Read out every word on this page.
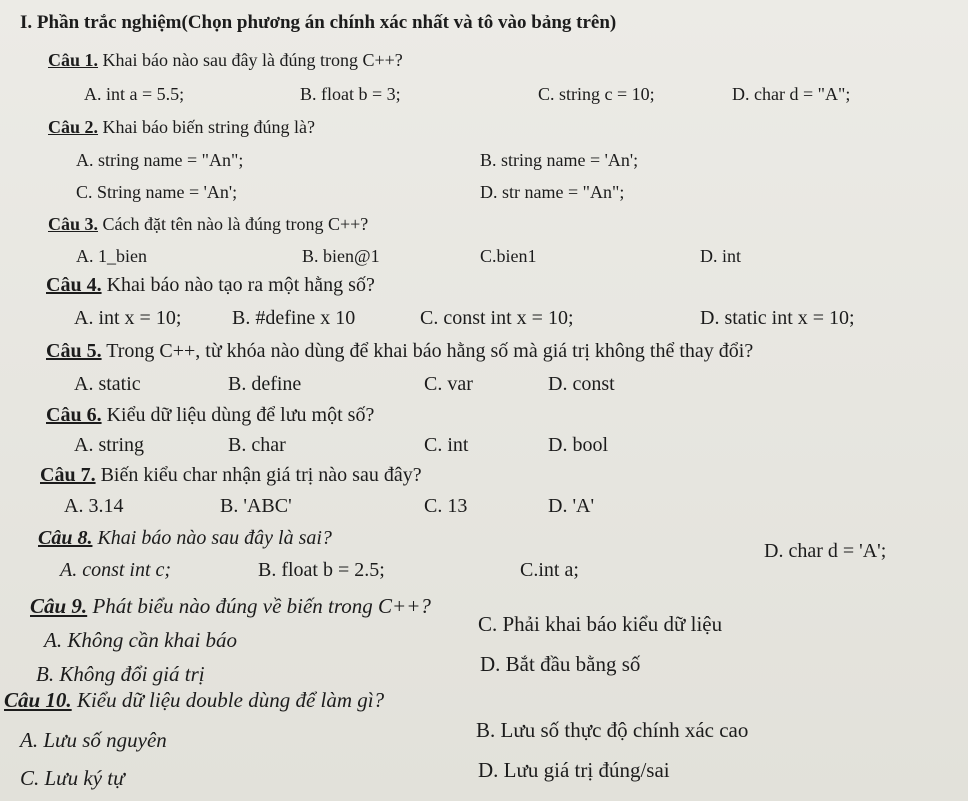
I. Phần trắc nghiệm(Chọn phương án chính xác nhất và tô vào bảng trên)
Câu 1. Khai báo nào sau đây là đúng trong C++?
A. int a = 5.5;	B. float b = 3;	C. string c = 10;	D. char d = "A";
Câu 2. Khai báo biến string đúng là?
A. string name = "An";	B. string name = 'An';
C. String name = 'An';	D. str name = "An";
Câu 3. Cách đặt tên nào là đúng trong C++?
A. 1_bien	B. bien@1	C.bien1	D. int
Câu 4. Khai báo nào tạo ra một hằng số?
A. int x = 10;	B. #define x 10	C. const int x = 10;	D. static int x = 10;
Câu 5. Trong C++, từ khóa nào dùng để khai báo hằng số mà giá trị không thể thay đổi?
A. static	B. define	C. var	D. const
Câu 6. Kiểu dữ liệu dùng để lưu một số?
A. string	B. char	C. int	D. bool
Câu 7. Biến kiểu char nhận giá trị nào sau đây?
A. 3.14	B. 'ABC'	C. 13	D. 'A'
Câu 8. Khai báo nào sau đây là sai?
A. const int c;	B. float b = 2.5;	C.int a;
D. char d = 'A';
Câu 9. Phát biểu nào đúng về biến trong C++?
A. Không cần khai báo
C. Phải khai báo kiểu dữ liệu
B. Không đổi giá trị	D. Bắt đầu bằng số
Câu 10. Kiểu dữ liệu double dùng để làm gì?
A. Lưu số nguyên	B. Lưu số thực độ chính xác cao
C. Lưu ký tự	D. Lưu giá trị đúng/sai
